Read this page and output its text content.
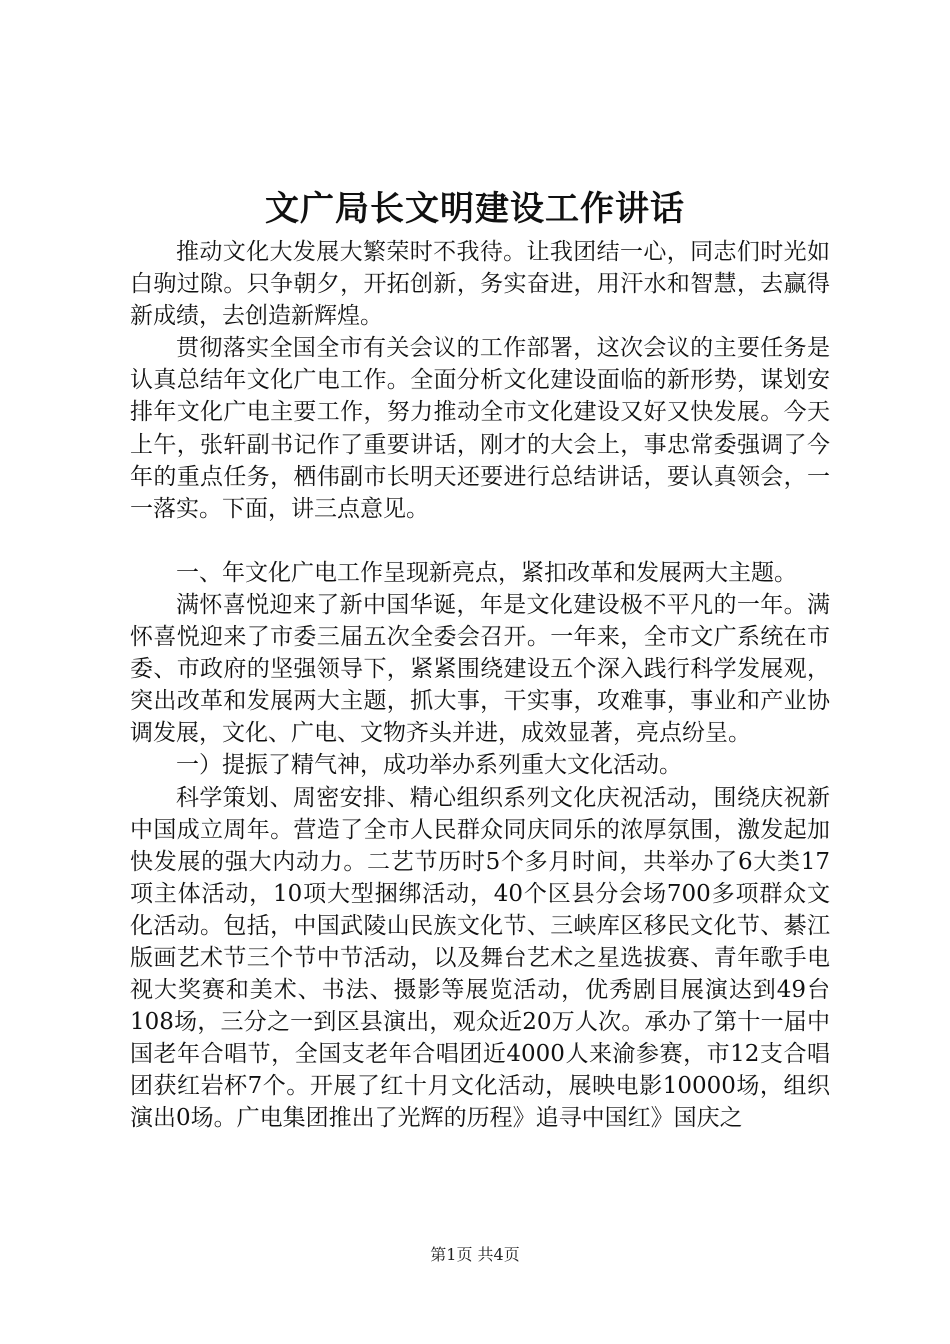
文广局长文明建设工作讲话

推动文化大发展大繁荣时不我待。让我团结一心，同志们时光如白驹过隙。只争朝夕，开拓创新，务实奋进，用汗水和智慧，去赢得新成绩，去创造新辉煌。

贯彻落实全国全市有关会议的工作部署，这次会议的主要任务是认真总结年文化广电工作。全面分析文化建设面临的新形势，谋划安排年文化广电主要工作，努力推动全市文化建设又好又快发展。今天上午，张轩副书记作了重要讲话，刚才的大会上，事忠常委强调了今年的重点任务，栖伟副市长明天还要进行总结讲话，要认真领会，一一落实。下面，讲三点意见。

一、年文化广电工作呈现新亮点，紧扣改革和发展两大主题。

满怀喜悦迎来了新中国华诞，年是文化建设极不平凡的一年。满怀喜悦迎来了市委三届五次全委会召开。一年来，全市文广系统在市委、市政府的坚强领导下，紧紧围绕建设五个深入践行科学发展观，突出改革和发展两大主题，抓大事，干实事，攻难事，事业和产业协调发展，文化、广电、文物齐头并进，成效显著，亮点纷呈。

一）提振了精气神，成功举办系列重大文化活动。

科学策划、周密安排、精心组织系列文化庆祝活动，围绕庆祝新中国成立周年。营造了全市人民群众同庆同乐的浓厚氛围，激发起加快发展的强大内动力。二艺节历时5个多月时间，共举办了6大类17项主体活动，10项大型捆绑活动，40个区县分会场700多项群众文化活动。包括，中国武陵山民族文化节、三峡库区移民文化节、綦江版画艺术节三个节中节活动，以及舞台艺术之星选拔赛、青年歌手电视大奖赛和美术、书法、摄影等展览活动，优秀剧目展演达到49台108场，三分之一到区县演出，观众近20万人次。承办了第十一届中国老年合唱节，全国支老年合唱团近4000人来渝参赛，市12支合唱团获红岩杯7个。开展了红十月文化活动，展映电影10000场，组织演出0场。广电集团推出了光辉的历程》追寻中国红》国庆之

第1页 共4页
